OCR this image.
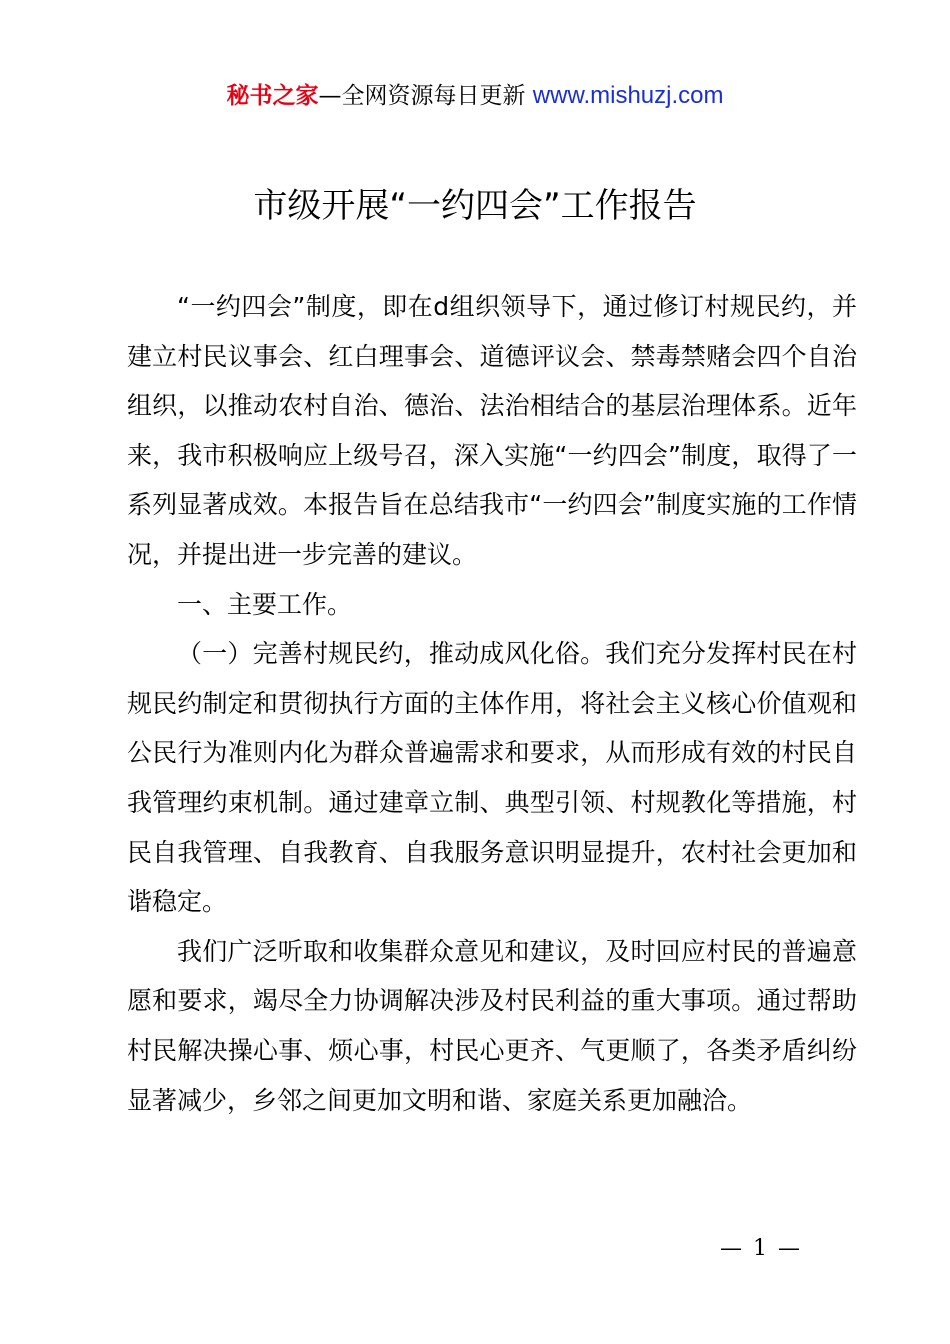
秘书之家—全网资源每日更新 www.mishuzj.com
市级开展“一约四会”工作报告

“一约四会”制度，即在d组织领导下，通过修订村规民约，并建立村民议事会、红白理事会、道德评议会、禁毒禁赌会四个自治组织，以推动农村自治、德治、法治相结合的基层治理体系。近年来，我市积极响应上级号召，深入实施“一约四会”制度，取得了一系列显著成效。本报告旨在总结我市“一约四会”制度实施的工作情况，并提出进一步完善的建议。

一、主要工作。

（一）完善村规民约，推动成风化俗。我们充分发挥村民在村规民约制定和贯彻执行方面的主体作用，将社会主义核心价值观和公民行为准则内化为群众普遍需求和要求，从而形成有效的村民自我管理约束机制。通过建章立制、典型引领、村规教化等措施，村民自我管理、自我教育、自我服务意识明显提升，农村社会更加和谐稳定。

我们广泛听取和收集群众意见和建议，及时回应村民的普遍意愿和要求，竭尽全力协调解决涉及村民利益的重大事项。通过帮助村民解决操心事、烦心事，村民心更齐、气更顺了，各类矛盾纠纷显著减少，乡邻之间更加文明和谐、家庭关系更加融洽。

— 1 —
